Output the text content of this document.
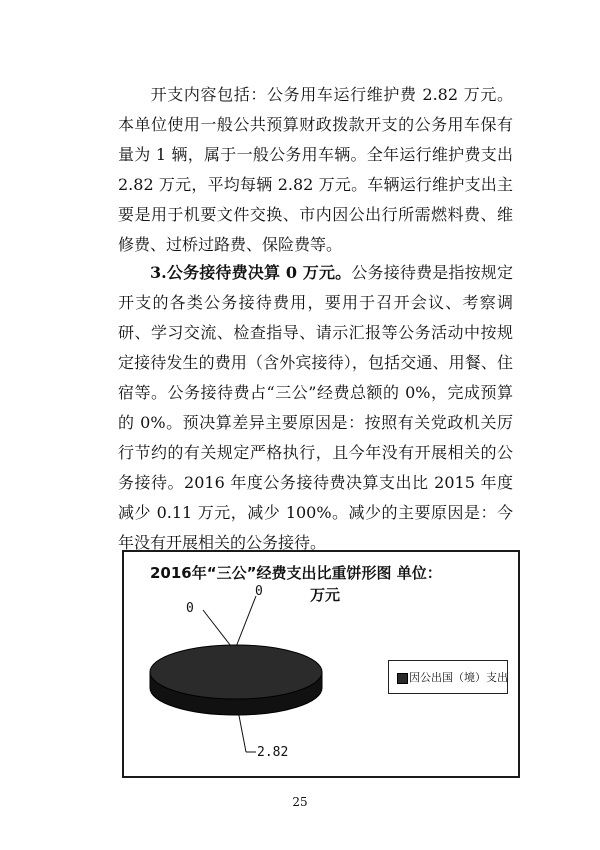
开支内容包括：公务用车运行维护费 2.82 万元。本单位使用一般公共预算财政拨款开支的公务用车保有量为 1 辆，属于一般公务用车辆。全年运行维护费支出 2.82 万元，平均每辆 2.82 万元。车辆运行维护支出主要是用于机要文件交换、市内因公出行所需燃料费、维修费、过桥过路费、保险费等。

3.公务接待费决算 0 万元。公务接待费是指按规定开支的各类公务接待费用，要用于召开会议、考察调研、学习交流、检查指导、请示汇报等公务活动中按规定接待发生的费用（含外宾接待），包括交通、用餐、住宿等。公务接待费占“三公”经费总额的 0%，完成预算的 0%。预决算差异主要原因是：按照有关党政机关厉行节约的有关规定严格执行，且今年没有开展相关的公务接待。2016 年度公务接待费决算支出比 2015 年度减少 0.11 万元，减少 100%。减少的主要原因是：今年没有开展相关的公务接待。

2016年“三公”经费支出比重饼形图 单位：
万元
0
0
2.82
因公出国（境）支出
25
